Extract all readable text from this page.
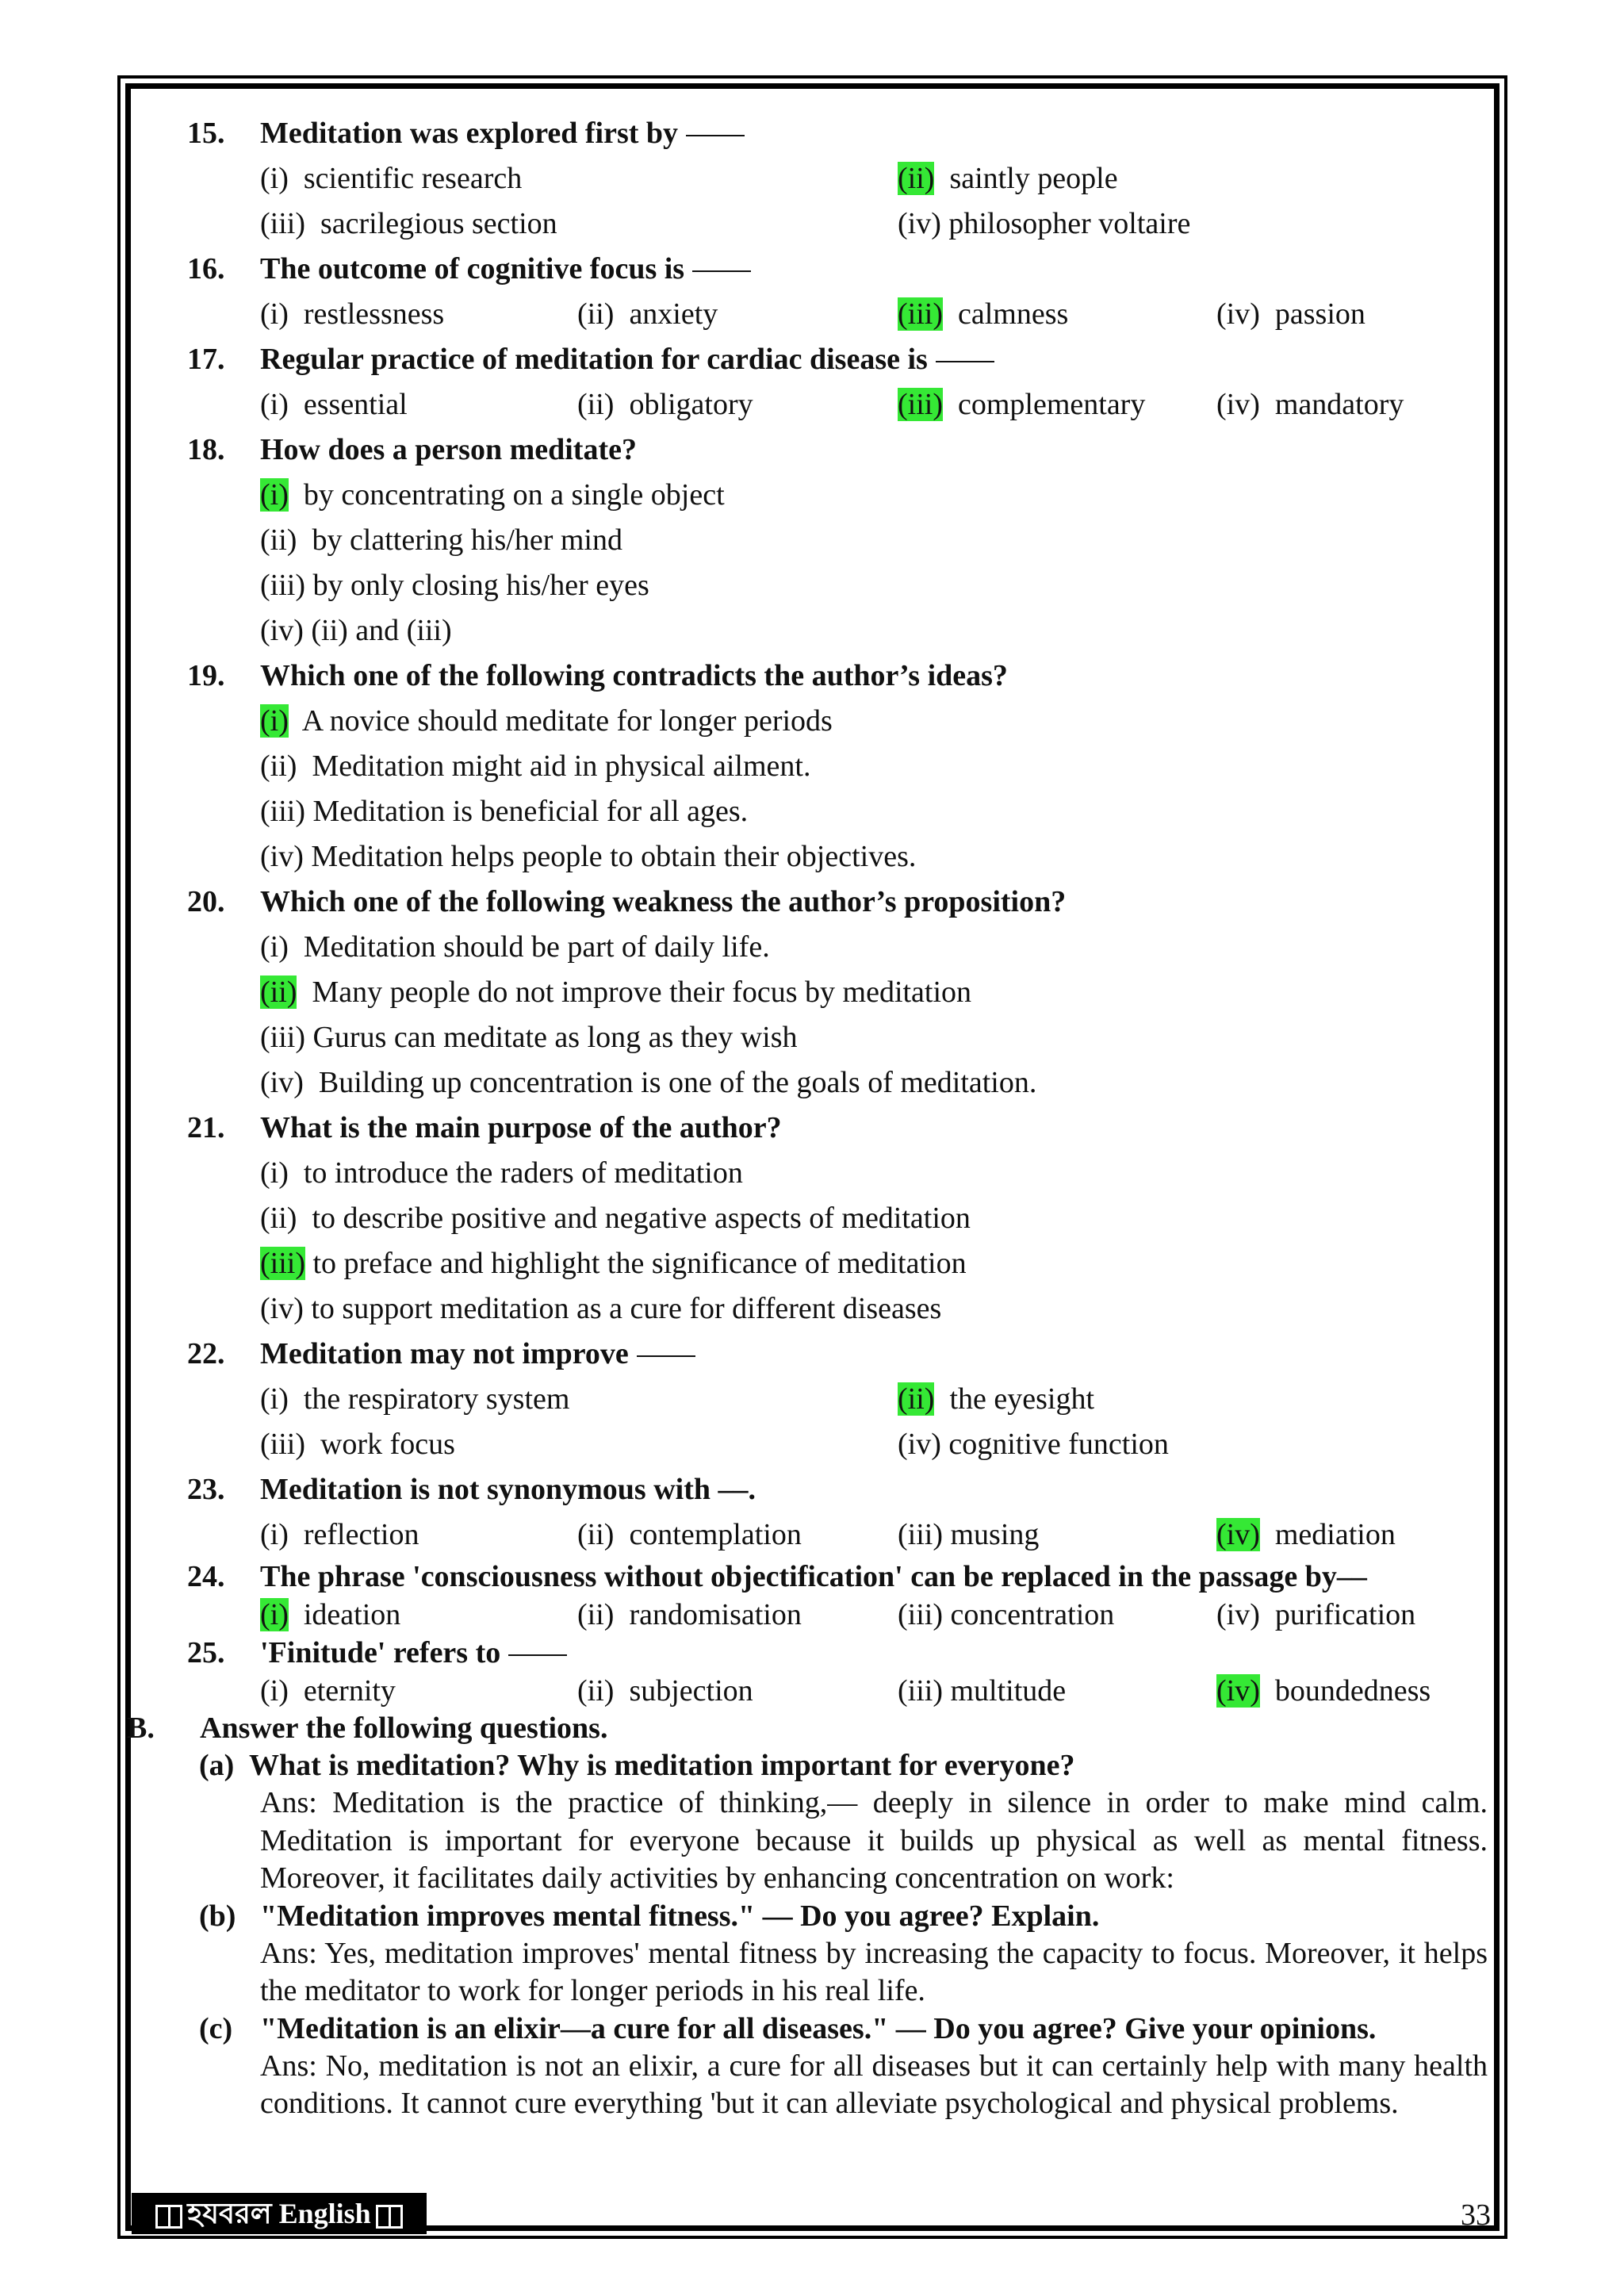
15. Meditation was explored first by
(i)  scientific research	(ii)  saintly people
(iii)  sacrilegious section	(iv) philosopher voltaire
16. The outcome of cognitive focus is
(i)  restlessness	(ii)  anxiety	(iii)  calmness	(iv)  passion
17. Regular practice of meditation for cardiac disease is
(i)  essential	(ii)  obligatory	(iii)  complementary (iv)  mandatory
18. How does a person meditate?
(i)  by concentrating on a single object
(ii)  by clattering his/her mind
(iii) by only closing his/her eyes
(iv) (ii) and (iii)
19. Which one of the following contradicts the author’s ideas?
(i)  A novice should meditate for longer periods
(ii)  Meditation might aid in physical ailment.
(iii) Meditation is beneficial for all ages.
(iv) Meditation helps people to obtain their objectives.
20. Which one of the following weakness the author’s proposition?
(i)  Meditation should be part of daily life.
(ii)  Many people do not improve their focus by meditation
(iii) Gurus can meditate as long as they wish
(iv)  Building up concentration is one of the goals of meditation.
21. What is the main purpose of the author?
(i)  to introduce the raders of meditation
(ii)  to describe positive and negative aspects of meditation
(iii) to preface and highlight the significance of meditation
(iv) to support meditation as a cure for different diseases
22. Meditation may not improve
(i)  the respiratory system	(ii)  the eyesight
(iii)  work focus	(iv) cognitive function
23. Meditation is not synonymous with ––.
(i)  reflection	(ii)  contemplation	(iii) musing	(iv)  mediation
24. The phrase 'consciousness without objectification' can be replaced in the passage by––
(i)  ideation	(ii)  randomisation	(iii) concentration	(iv)  purification
25. 'Finitude' refers to
(i)  eternity	(ii)  subjection	(iii) multitude	(iv)  boundedness
B. Answer the following questions.
(a) What is meditation? Why is meditation important for everyone?
Ans: Meditation is the practice of thinking,— deeply in silence in order to make mind calm. Meditation is important for everyone because it builds up physical as well as mental fitness. Moreover, it facilitates daily activities by enhancing concentration on work:
(b) "Meditation improves mental fitness." — Do you agree? Explain.
Ans: Yes, meditation improves' mental fitness by increasing the capacity to focus. Moreover, it helps the meditator to work for longer periods in his real life.
(c) "Meditation is an elixir—a cure for all diseases." — Do you agree? Give your opinions.
Ans: No, meditation is not an elixir, a cure for all diseases but it can certainly help with many health conditions. It cannot cure everything 'but it can alleviate psychological and physical problems.
হযবরল English	33
